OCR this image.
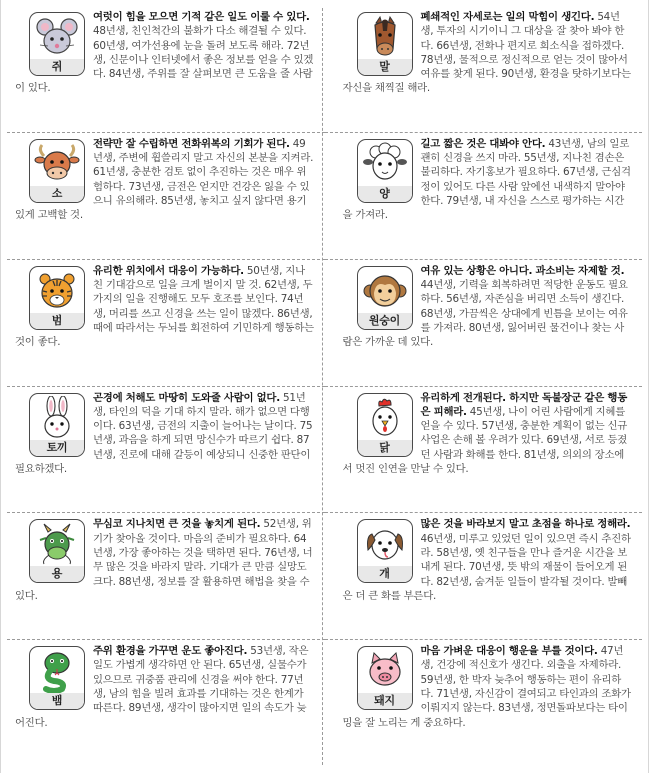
쥐
여럿이 힘을 모으면 기적 같은 일도 이룰 수 있다. 48년생, 친인척간의 불화가 다소 해결될 수 있다. 60년생, 여가선용에 눈을 돌려 보도록 해라. 72년생, 신문이나 인터넷에서 좋은 정보를 얻을 수 있겠다. 84년생, 주위를 잘 살펴보면 큰 도움을 줄 사람이 있다.
말
폐쇄적인 자세로는 일의 막힘이 생긴다. 54년생, 투자의 시기이니 그 대상을 잘 찾아 봐야 한다. 66년생, 전화나 편지로 희소식을 접하겠다. 78년생, 물적으로 정신적으로 얻는 것이 많아서 여유를 찾게 된다. 90년생, 환경을 탓하기보다는 자신을 채찍질 해라.
소
전략만 잘 수립하면 전화위복의 기회가 된다. 49년생, 주변에 휩쓸리지 말고 자신의 본분을 지켜라. 61년생, 충분한 검토 없이 추진하는 것은 매우 위험하다. 73년생, 금전은 얻지만 건강은 잃을 수 있으니 유의해라. 85년생, 놓치고 싶지 않다면 용기 있게 고백할 것.
양
길고 짧은 것은 대봐야 안다. 43년생, 남의 일로 괜히 신경을 쓰지 마라. 55년생, 지나친 겸손은 불리하다. 자기홍보가 필요하다. 67년생, 근심걱정이 있어도 다른 사람 앞에선 내색하지 말아야 한다. 79년생, 내 자신을 스스로 평가하는 시간을 가져라.
범
유리한 위치에서 대응이 가능하다. 50년생, 지나친 기대감으로 일을 크게 벌이지 말 것. 62년생, 두 가지의 일을 진행해도 모두 호조를 보인다. 74년생, 머리를 쓰고 신경을 쓰는 일이 많겠다. 86년생, 때에 따라서는 두뇌를 회전하여 기민하게 행동하는 것이 좋다.
원숭이
여유 있는 상황은 아니다. 과소비는 자제할 것. 44년생, 기력을 회복하려면 적당한 운동도 필요하다. 56년생, 자존심을 버리면 소득이 생긴다. 68년생, 가끔씩은 상대에게 빈틈을 보이는 여유를 가져라. 80년생, 잃어버린 물건이나 찾는 사람은 가까운 데 있다.
토끼
곤경에 처해도 마땅히 도와줄 사람이 없다. 51년생, 타인의 덕을 기대 하지 말라. 해가 없으면 다행이다. 63년생, 금전의 지출이 늘어나는 날이다. 75년생, 과음을 하게 되면 망신수가 따르기 쉽다. 87년생, 진로에 대해 갈등이 예상되니 신중한 판단이 필요하겠다.
닭
유리하게 전개된다. 하지만 독불장군 같은 행동은 피해라. 45년생, 나이 어린 사람에게 지혜를 얻을 수 있다. 57년생, 충분한 계획이 없는 신규사업은 손해 볼 우려가 있다. 69년생, 서로 등졌던 사람과 화해를 한다. 81년생, 의외의 장소에서 멋진 인연을 만날 수 있다.
용
무심코 지나치면 큰 것을 놓치게 된다. 52년생, 위기가 찾아올 것이다. 마음의 준비가 필요하다. 64년생, 가장 좋아하는 것을 택하면 된다. 76년생, 너무 많은 것을 바라지 말라. 기대가 큰 만큼 실망도 크다. 88년생, 정보를 잘 활용하면 해법을 찾을 수 있다.
개
많은 것을 바라보지 말고 초점을 하나로 정해라. 46년생, 미루고 있었던 일이 있으면 즉시 추진하라. 58년생, 옛 친구들을 만나 즐거운 시간을 보내게 된다. 70년생, 뜻 밖의 재물이 들어오게 된다. 82년생, 숨겨둔 일들이 발각될 것이다. 발빼은 더 큰 화를 부른다.
뱀
주위 환경을 가꾸면 운도 좋아진다. 53년생, 작은 일도 가볍게 생각하면 안 된다. 65년생, 실물수가 있으므로 귀중품 관리에 신경을 써야 한다. 77년생, 남의 힘을 빌려 효과를 기대하는 것은 한계가 따른다. 89년생, 생각이 많아지면 일의 속도가 늦어진다.
돼지
마음 가벼운 대응이 행운을 부를 것이다. 47년생, 건강에 적신호가 생긴다. 외출을 자제하라. 59년생, 한 박자 늦추어 행동하는 편이 유리하다. 71년생, 자신감이 결여되고 타인과의 조화가 이뤄지지 않는다. 83년생, 정면돌파보다는 타이밍을 잘 노리는 게 중요하다.
